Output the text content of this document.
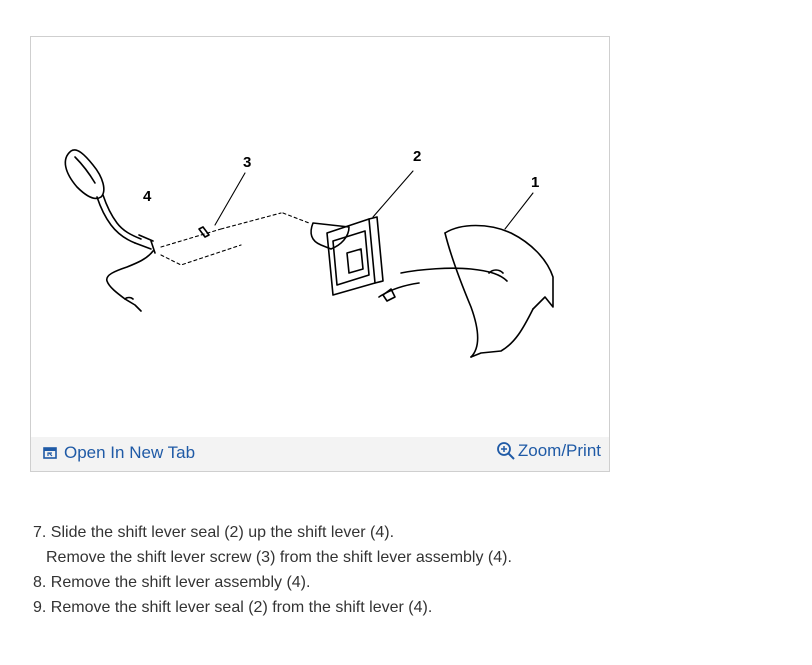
4
3	2
1
Open In New Tab	Zoom/Print
7. Slide the shift lever seal (2) up the shift lever (4).
Remove the shift lever screw (3) from the shift lever assembly (4).
8. Remove the shift lever assembly (4).
9. Remove the shift lever seal (2) from the shift lever (4).
